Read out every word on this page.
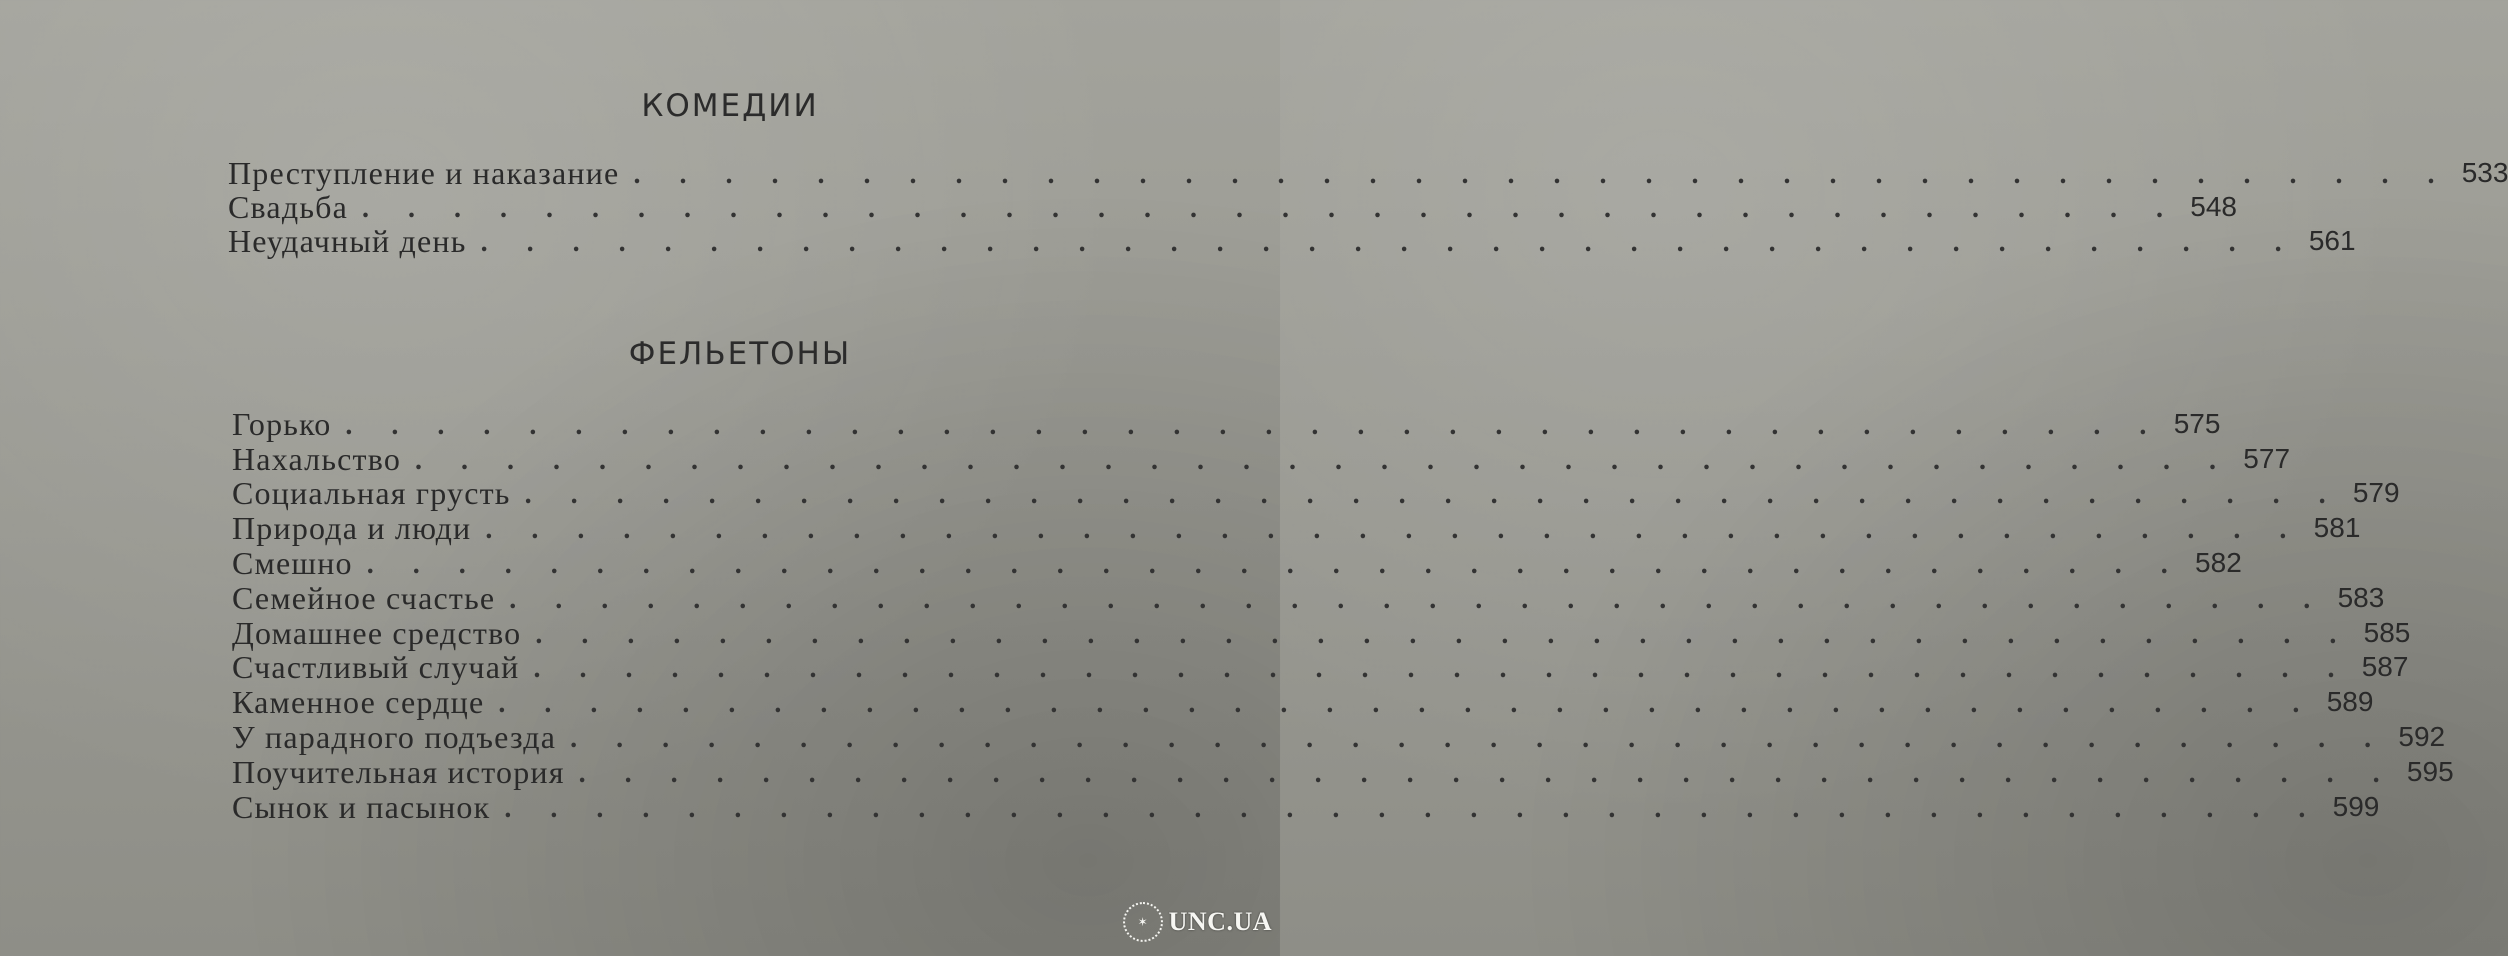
КОМЕДИИ
Преступление и наказание . . . . . . . . . . . . . . . . . . . . . . . . . . . . . . . . . . . . . . . . 533
Свадьба . . . . . . . . . . . . . . . . . . . . . . . . . . . . . . . . . . . . . . . . 548
Неудачный день . . . . . . . . . . . . . . . . . . . . . . . . . . . . . . . . . . . . . . . . 561
ФЕЛЬЕТОНЫ
Горько . . . . . . . . . . . . . . . . . . . . . . . . . . . . . . . . . . . . . . . . 575
Нахальство . . . . . . . . . . . . . . . . . . . . . . . . . . . . . . . . . . . . . . . . 577
Социальная грусть . . . . . . . . . . . . . . . . . . . . . . . . . . . . . . . . . . . . . . . . 579
Природа и люди . . . . . . . . . . . . . . . . . . . . . . . . . . . . . . . . . . . . . . . . 581
Смешно . . . . . . . . . . . . . . . . . . . . . . . . . . . . . . . . . . . . . . . . 582
Семейное счастье . . . . . . . . . . . . . . . . . . . . . . . . . . . . . . . . . . . . . . . . 583
Домашнее средство . . . . . . . . . . . . . . . . . . . . . . . . . . . . . . . . . . . . . . . . 585
Счастливый случай . . . . . . . . . . . . . . . . . . . . . . . . . . . . . . . . . . . . . . . . 587
Каменное сердце . . . . . . . . . . . . . . . . . . . . . . . . . . . . . . . . . . . . . . . . 589
У парадного подъезда . . . . . . . . . . . . . . . . . . . . . . . . . . . . . . . . . . . . . . . . 592
Поучительная история . . . . . . . . . . . . . . . . . . . . . . . . . . . . . . . . . . . . . . . . 595
Сынок и пасынок . . . . . . . . . . . . . . . . . . . . . . . . . . . . . . . . . . . . . . . . 599
✶ UNC.UA
